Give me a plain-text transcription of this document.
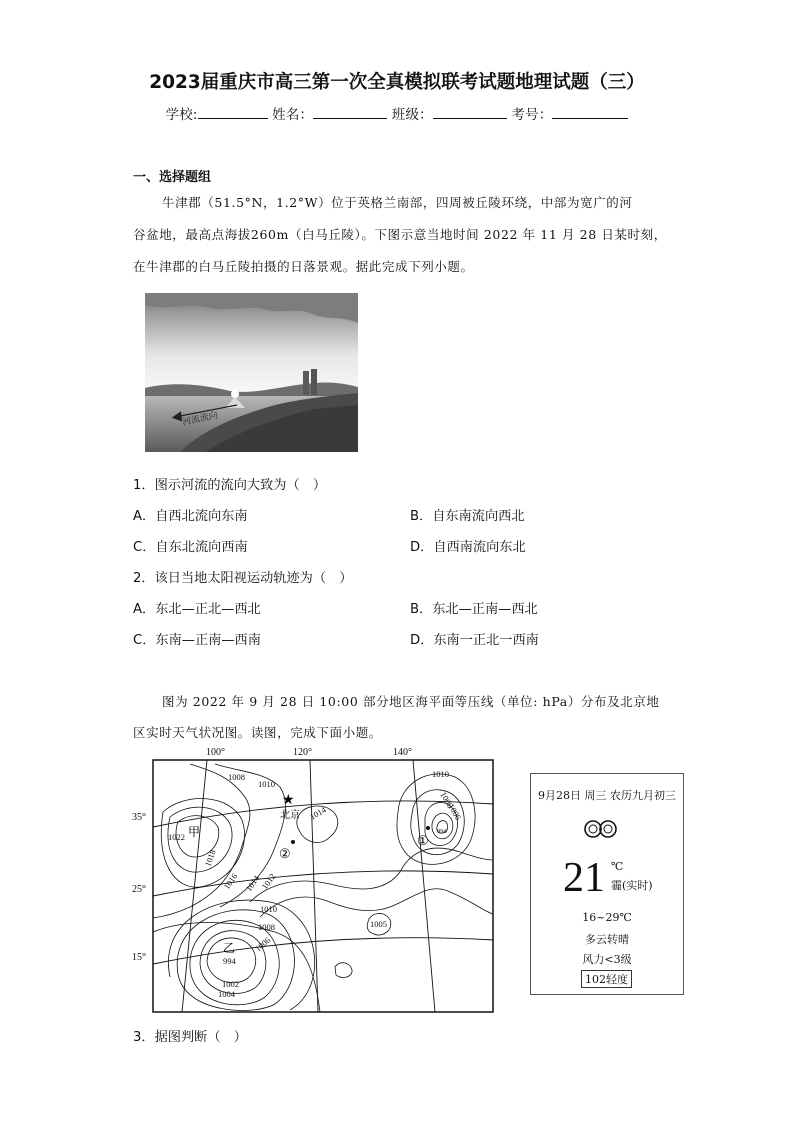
2023届重庆市高三第一次全真模拟联考试题地理试题（三）
学校:	姓名：	班级：	考号：
一、选择题组
牛津郡（51.5°N，1.2°W）位于英格兰南部，四周被丘陵环绕，中部为宽广的河
谷盆地，最高点海拔260m（白马丘陵）。下图示意当地时间 2022 年 11 月 28 日某时刻，
在牛津郡的白马丘陵拍摄的日落景观。据此完成下列小题。
河流流向
1．图示河流的流向大致为（　）
A．自西北流向东南	B．自东南流向西北
C．自东北流向西南	D．自西南流向东北
2．该日当地太阳视运动轨迹为（　）
A．东北—正北—西北	B．东北—正南—西北
C．东南—正南—西南	D．东南一正北一西南
图为 2022 年 9 月 28 日 10:00 部分地区海平面等压线（单位: hPa）分布及北京地
区实时天气状况图。读图，完成下面小题。
100°	120°	140°
35°
25°
15°
1008
1010
1014
1022
1018
1016 1014
1012
1010
1008
1006
1005
994
1002
1004
1010
1006
1006
994
★
北京
甲
乙
①
②
9月28日 周三 农历九月初三
21 ℃
霾(实时)
16~29℃
多云转晴
风力<3级
102轻度
3．据图判断（　）
